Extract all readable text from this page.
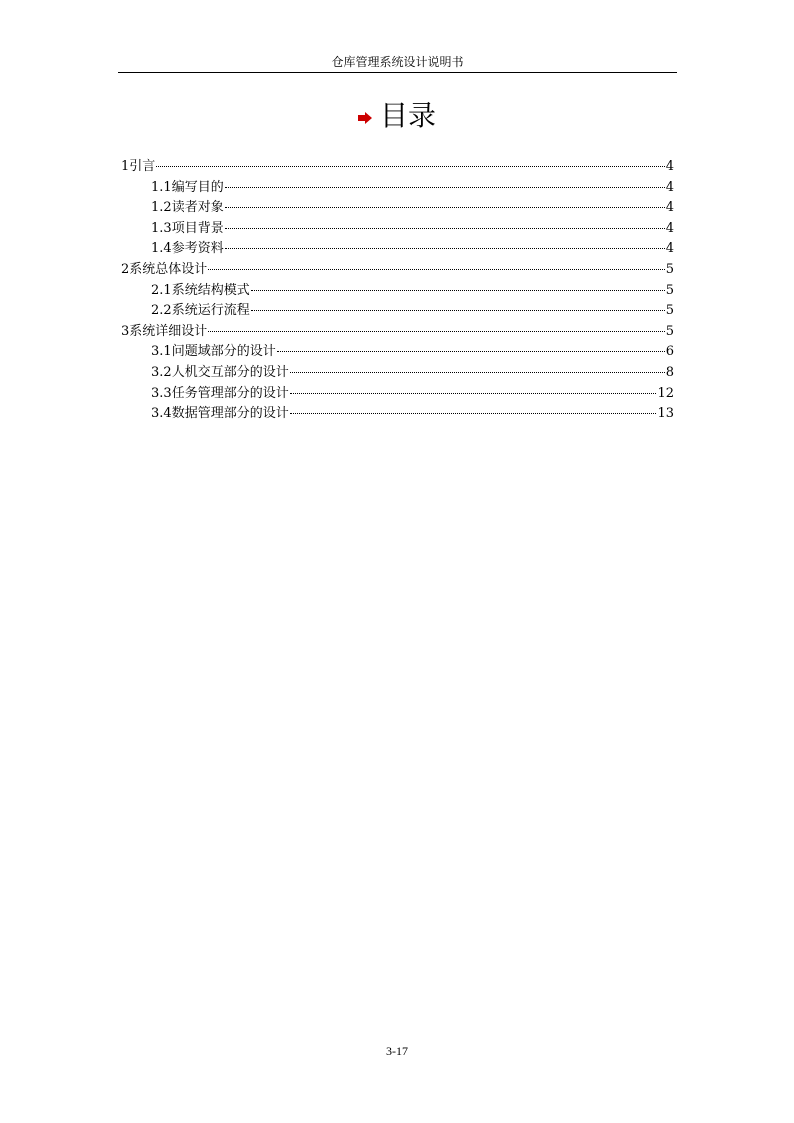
仓库管理系统设计说明书
目录
1 引言	4
1.1 编写目的	4
1.2 读者对象	4
1.3 项目背景	4
1.4 参考资料	4
2 系统总体设计	5
2.1 系统结构模式	5
2.2 系统运行流程	5
3 系统详细设计	5
3.1 问题域部分的设计	6
3.2 人机交互部分的设计	8
3.3 任务管理部分的设计	12
3.4 数据管理部分的设计	13
3-17
